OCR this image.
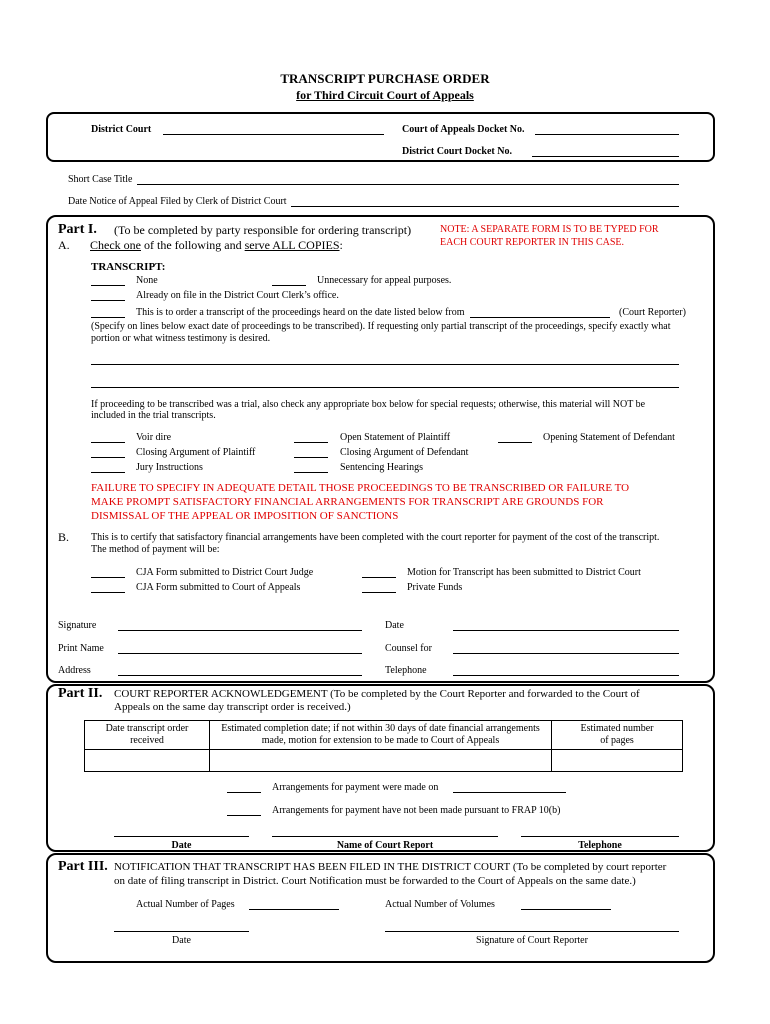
TRANSCRIPT PURCHASE ORDER
for Third Circuit Court of Appeals
District Court	Court of Appeals Docket No.
District Court Docket No.
Short Case Title
Date Notice of Appeal Filed by Clerk of District Court
Part I. (To be completed by party responsible for ordering transcript)
A. Check one of the following and serve ALL COPIES:
NOTE: A SEPARATE FORM IS TO BE TYPED FOR
EACH COURT REPORTER IN THIS CASE.
TRANSCRIPT:
None	Unnecessary for appeal purposes.
Already on file in the District Court Clerk’s office.
This is to order a transcript of the proceedings heard on the date listed below from	(Court Reporter)
(Specify on lines below exact date of proceedings to be transcribed). If requesting only partial transcript of the proceedings, specify exactly what
portion or what witness testimony is desired.
If proceeding to be transcribed was a trial, also check any appropriate box below for special requests; otherwise, this material will NOT be
included in the trial transcripts.
Voir dire
Closing Argument of Plaintiff
Jury Instructions
Open Statement of Plaintiff
Closing Argument of Defendant
Sentencing Hearings
Opening Statement of Defendant
FAILURE TO SPECIFY IN ADEQUATE DETAIL THOSE PROCEEDINGS TO BE TRANSCRIBED OR FAILURE TO
MAKE PROMPT SATISFACTORY FINANCIAL ARRANGEMENTS FOR TRANSCRIPT ARE GROUNDS FOR
DISMISSAL OF THE APPEAL OR IMPOSITION OF SANCTIONS
B. This is to certify that satisfactory financial arrangements have been completed with the court reporter for payment of the cost of the transcript.
The method of payment will be:
CJA Form submitted to District Court Judge
CJA Form submitted to Court of Appeals
Motion for Transcript has been submitted to District Court
Private Funds
Signature
Print Name
Address
Date
Counsel for
Telephone
Part II. COURT REPORTER ACKNOWLEDGEMENT (To be completed by the Court Reporter and forwarded to the Court of
Appeals on the same day transcript order is received.)
Date transcript order
received	Estimated completion date; if not within 30 days of date financial arrangements
made, motion for extension to be made to Court of Appeals	Estimated number
of pages

Arrangements for payment were made on
Arrangements for payment have not been made pursuant to FRAP 10(b)
Date	Name of Court Report	Telephone
Part III. NOTIFICATION THAT TRANSCRIPT HAS BEEN FILED IN THE DISTRICT COURT (To be completed by court reporter
on date of filing transcript in District. Court Notification must be forwarded to the Court of Appeals on the same date.)
Actual Number of Pages	Actual Number of Volumes
Date	Signature of Court Reporter
